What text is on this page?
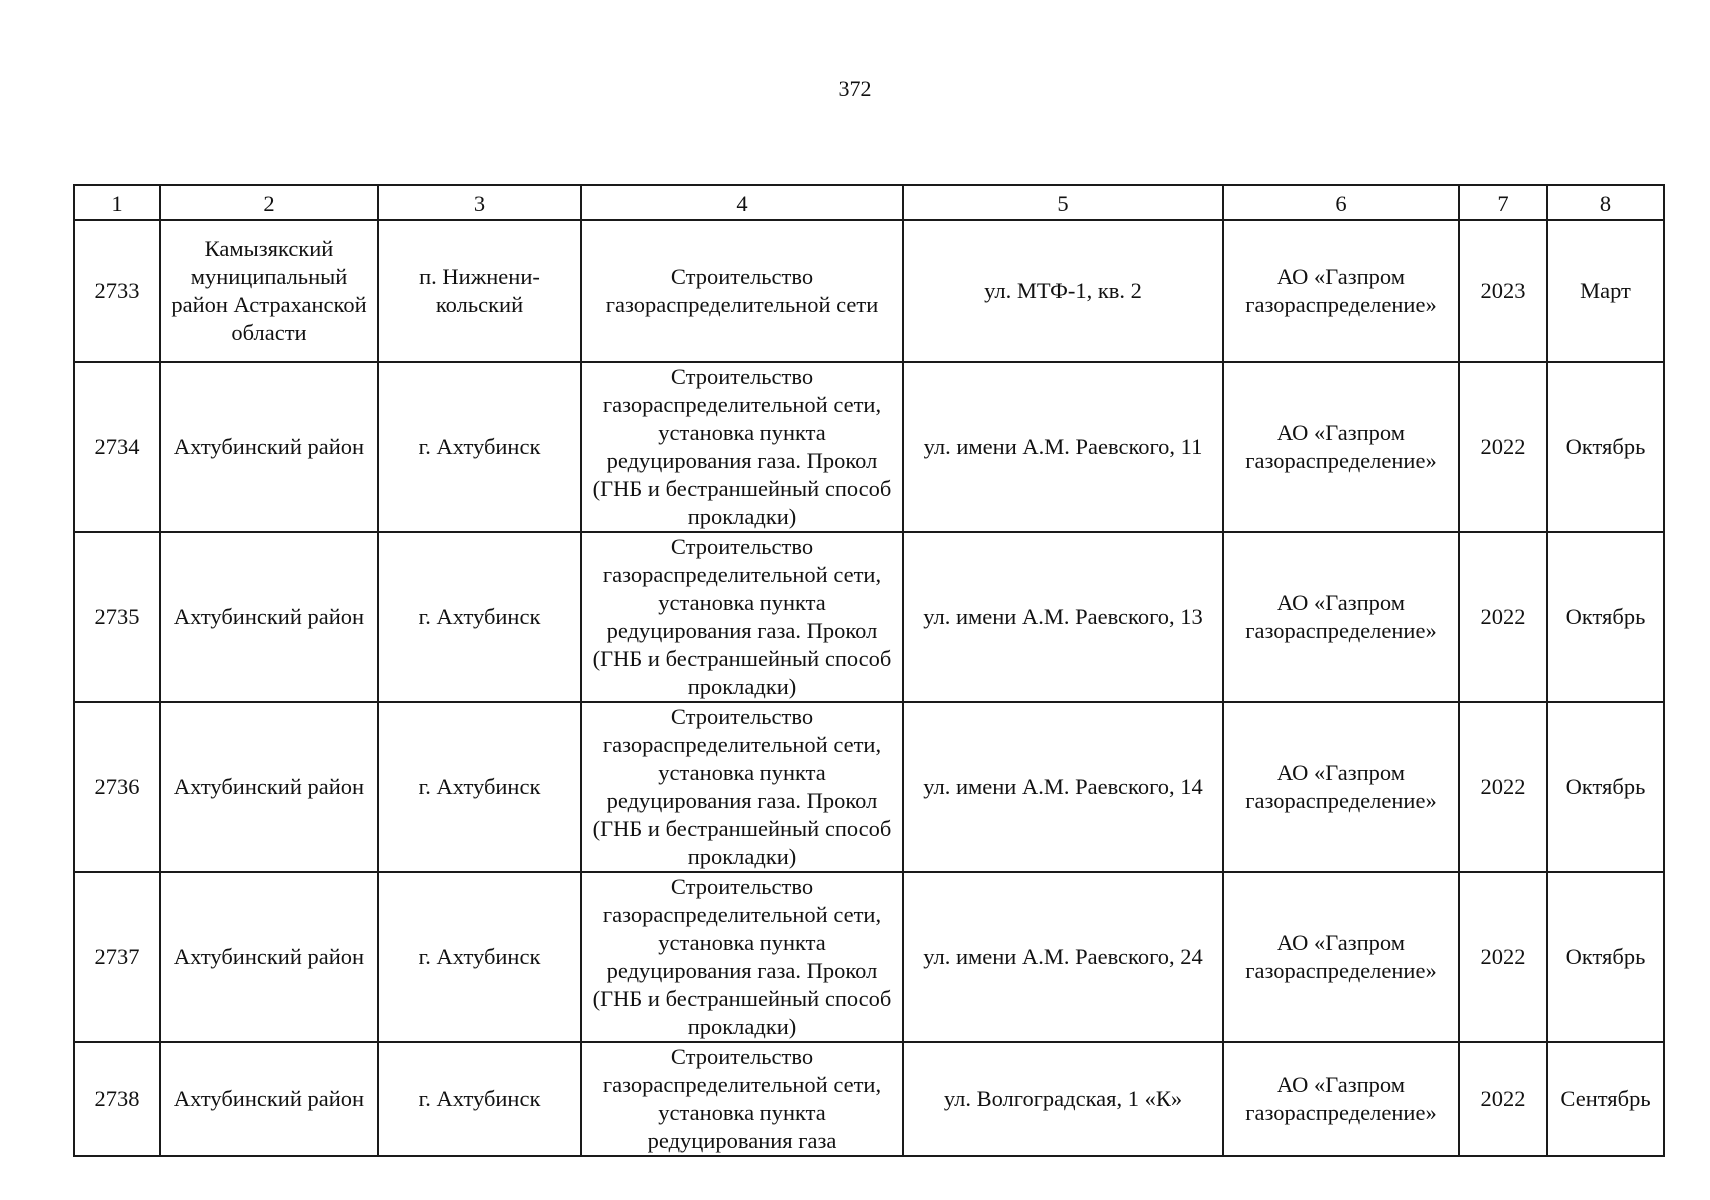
372
1	2	3	4	5	6	7	8
2733	Камызякский муниципальный район Астраханской области	п. Нижнени-кольский	Строительство газораспределительной сети	ул. МТФ-1, кв. 2	АО «Газпром газораспределение»	2023	Март
2734	Ахтубинский район	г. Ахтубинск	Строительство газораспределительной сети, установка пункта редуцирования газа. Прокол (ГНБ и бестраншейный способ прокладки)	ул. имени А.М. Раевского, 11	АО «Газпром газораспределение»	2022	Октябрь
2735	Ахтубинский район	г. Ахтубинск	Строительство газораспределительной сети, установка пункта редуцирования газа. Прокол (ГНБ и бестраншейный способ прокладки)	ул. имени А.М. Раевского, 13	АО «Газпром газораспределение»	2022	Октябрь
2736	Ахтубинский район	г. Ахтубинск	Строительство газораспределительной сети, установка пункта редуцирования газа. Прокол (ГНБ и бестраншейный способ прокладки)	ул. имени А.М. Раевского, 14	АО «Газпром газораспределение»	2022	Октябрь
2737	Ахтубинский район	г. Ахтубинск	Строительство газораспределительной сети, установка пункта редуцирования газа. Прокол (ГНБ и бестраншейный способ прокладки)	ул. имени А.М. Раевского, 24	АО «Газпром газораспределение»	2022	Октябрь
2738	Ахтубинский район	г. Ахтубинск	Строительство газораспределительной сети, установка пункта редуцирования газа	ул. Волгоградская, 1 «К»	АО «Газпром газораспределение»	2022	Сентябрь
